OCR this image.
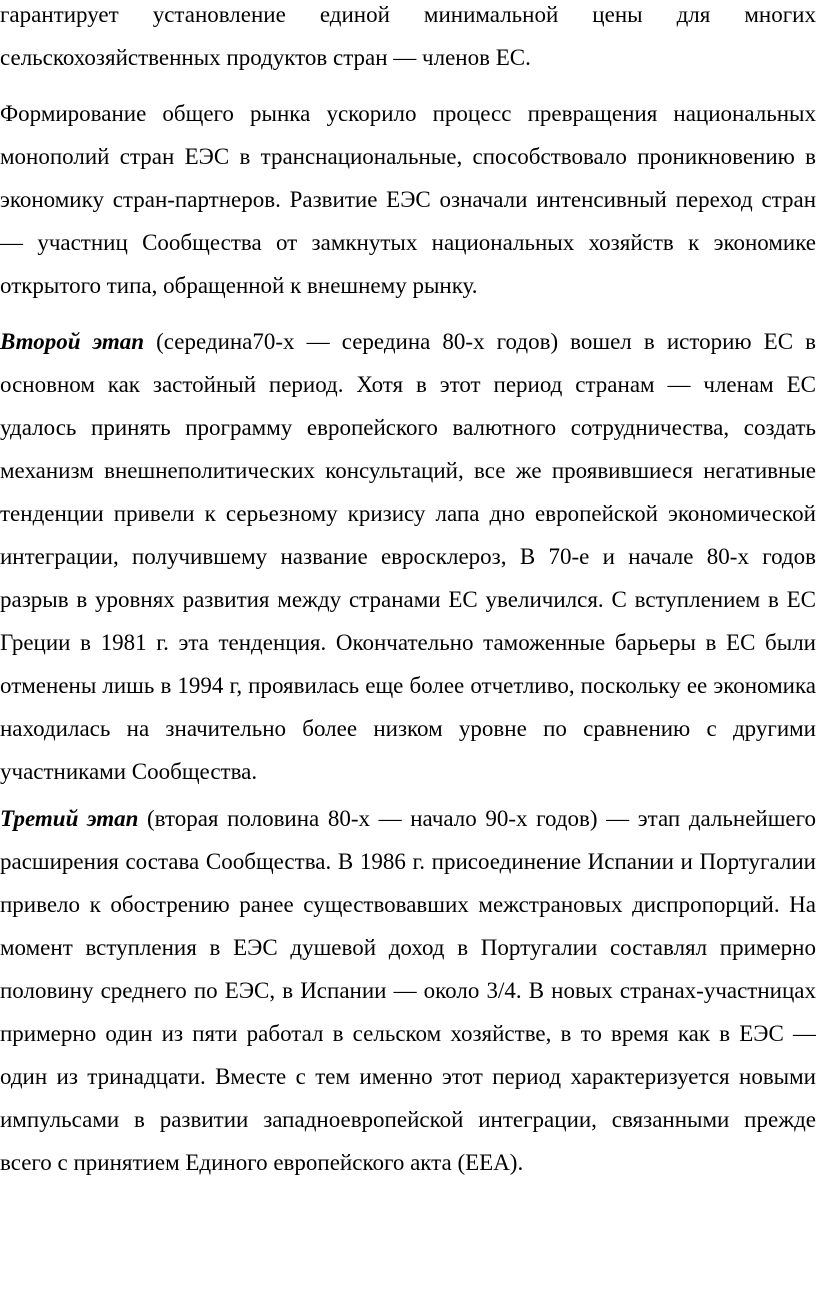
гарантирует установление единой минимальной цены для многих сельскохозяйственных продуктов стран — членов ЕС.

Формирование общего рынка ускорило процесс превращения национальных монополий стран ЕЭС в транснациональные, способствовало проникновению в экономику стран-партнеров. Развитие ЕЭС означали интенсивный переход стран — участниц Сообщества от замкнутых национальных хозяйств к экономике открытого типа, обращенной к внешнему рынку.

Второй этап (середина70-х — середина 80-х годов) вошел в историю ЕС в основном как застойный период. Хотя в этот период странам — членам ЕС удалось принять программу европейского валютного сотрудничества, создать механизм внешнеполитических консультаций, все же проявившиеся негативные тенденции привели к серьезному кризису лапа дно европейской экономической интеграции, получившему название евросклероз, В 70-е и начале 80-х годов разрыв в уровнях развития между странами ЕС увеличился. С вступлением в ЕС Греции в 1981 г. эта тенденция. Окончательно таможенные барьеры в ЕС были отменены лишь в 1994 г, проявилась еще более отчетливо, поскольку ее экономика находилась на значительно более низком уровне по сравнению с другими участниками Сообщества.

Третий этап (вторая половина 80-х — начало 90-х годов) — этап дальнейшего расширения состава Сообщества. В 1986 г. присоединение Испании и Португалии привело к обострению ранее существовавших межстрановых диспропорций. На момент вступления в ЕЭС душевой доход в Португалии составлял примерно половину среднего по ЕЭС, в Испании — около 3/4. В новых странах-участницах примерно один из пяти работал в сельском хозяйстве, в то время как в ЕЭС — один из тринадцати. Вместе с тем именно этот период характеризуется новыми импульсами в развитии западноевропейской интеграции, связанными прежде всего с принятием Единого европейского акта (ЕЕА).
